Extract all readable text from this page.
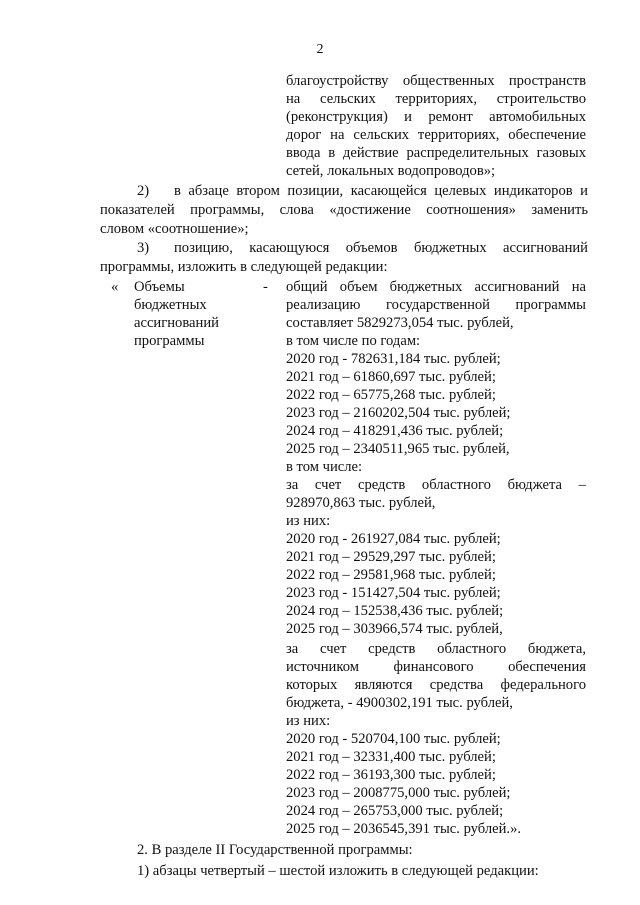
2
благоустройству общественных пространств
на сельских территориях, строительство
(реконструкция) и ремонт автомобильных
дорог на сельских территориях, обеспечение
ввода в действие распределительных газовых
сетей, локальных водопроводов»;
2) в абзаце втором позиции, касающейся целевых индикаторов и
показателей программы, слова «достижение соотношения» заменить
словом «соотношение»;
3) позицию, касающуюся объемов бюджетных ассигнований
программы, изложить в следующей редакции:
« Объемы
бюджетных
ассигнований
программы
- общий объем бюджетных ассигнований на
реализацию государственной программы
составляет 5829273,054 тыс. рублей,
в том числе по годам:
2020 год - 782631,184 тыс. рублей;
2021 год – 61860,697 тыс. рублей;
2022 год – 65775,268 тыс. рублей;
2023 год – 2160202,504 тыс. рублей;
2024 год – 418291,436 тыс. рублей;
2025 год – 2340511,965 тыс. рублей,
в том числе:
за счет средств областного бюджета –
928970,863 тыс. рублей,
из них:
2020 год - 261927,084 тыс. рублей;
2021 год – 29529,297 тыс. рублей;
2022 год – 29581,968 тыс. рублей;
2023 год - 151427,504 тыс. рублей;
2024 год – 152538,436 тыс. рублей;
2025 год – 303966,574 тыс. рублей,
за счет средств областного бюджета,
источником финансового обеспечения
которых являются средства федерального
бюджета, - 4900302,191 тыс. рублей,
из них:
2020 год - 520704,100 тыс. рублей;
2021 год – 32331,400 тыс. рублей;
2022 год – 36193,300 тыс. рублей;
2023 год – 2008775,000 тыс. рублей;
2024 год – 265753,000 тыс. рублей;
2025 год – 2036545,391 тыс. рублей.».
2. В разделе II Государственной программы:
1) абзацы четвертый – шестой изложить в следующей редакции:
